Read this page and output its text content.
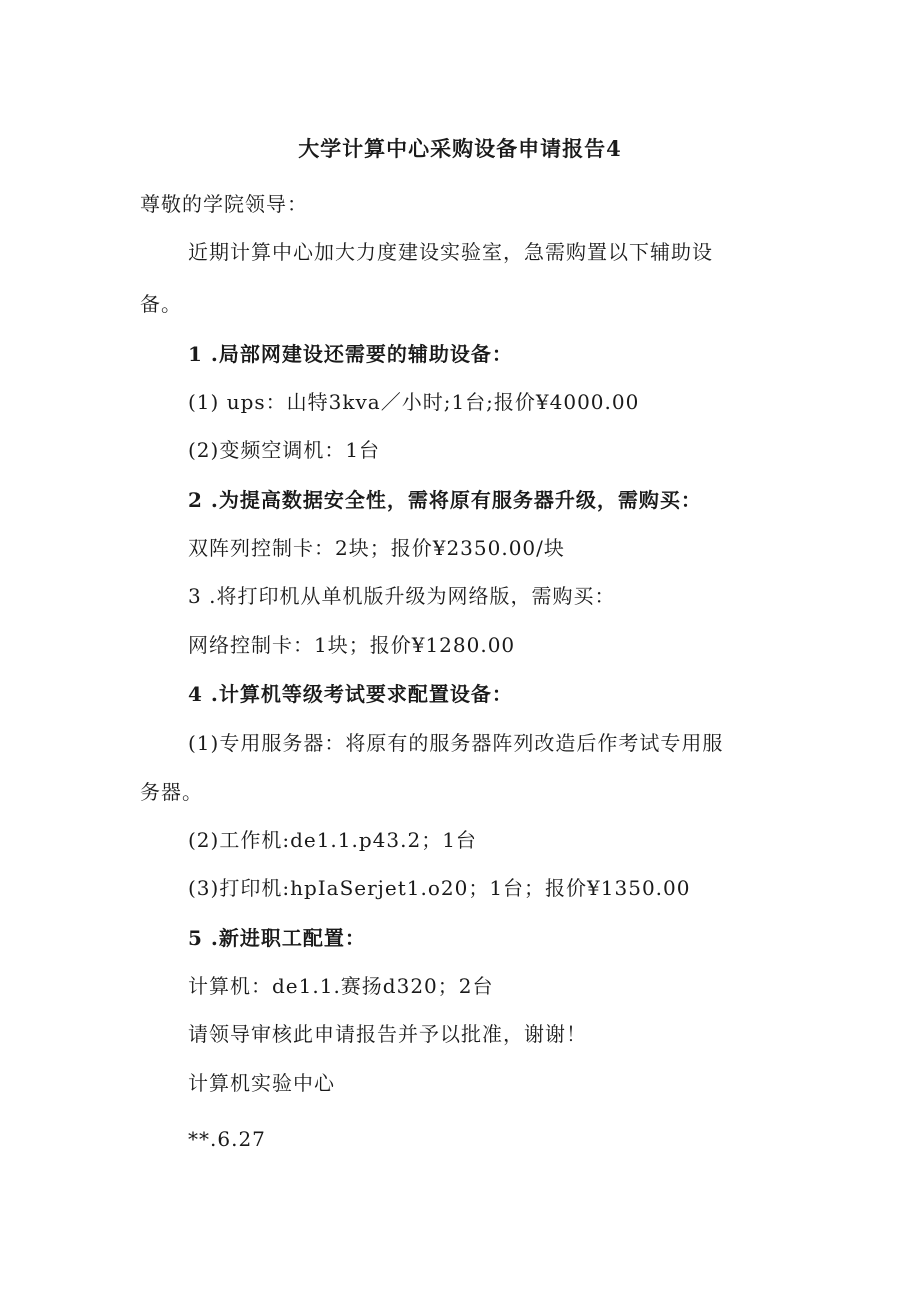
大学计算中心采购设备申请报告4
尊敬的学院领导：
近期计算中心加大力度建设实验室，急需购置以下辅助设
备。
1 .局部网建设还需要的辅助设备：
(1) ups：山特3kva／小时;1台;报价¥4000.00
(2)变频空调机：1台
2 .为提高数据安全性，需将原有服务器升级，需购买：
双阵列控制卡：2块；报价¥2350.00/块
3 .将打印机从单机版升级为网络版，需购买：
网络控制卡：1块；报价¥1280.00
4 .计算机等级考试要求配置设备：
(1)专用服务器：将原有的服务器阵列改造后作考试专用服
务器。
(2)工作机:de1.1.p43.2；1台
(3)打印机:hpIaSerjet1.o20；1台；报价¥1350.00
5 .新进职工配置：
计算机：de1.1.赛扬d320；2台
请领导审核此申请报告并予以批准，谢谢！
计算机实验中心
**.6.27
